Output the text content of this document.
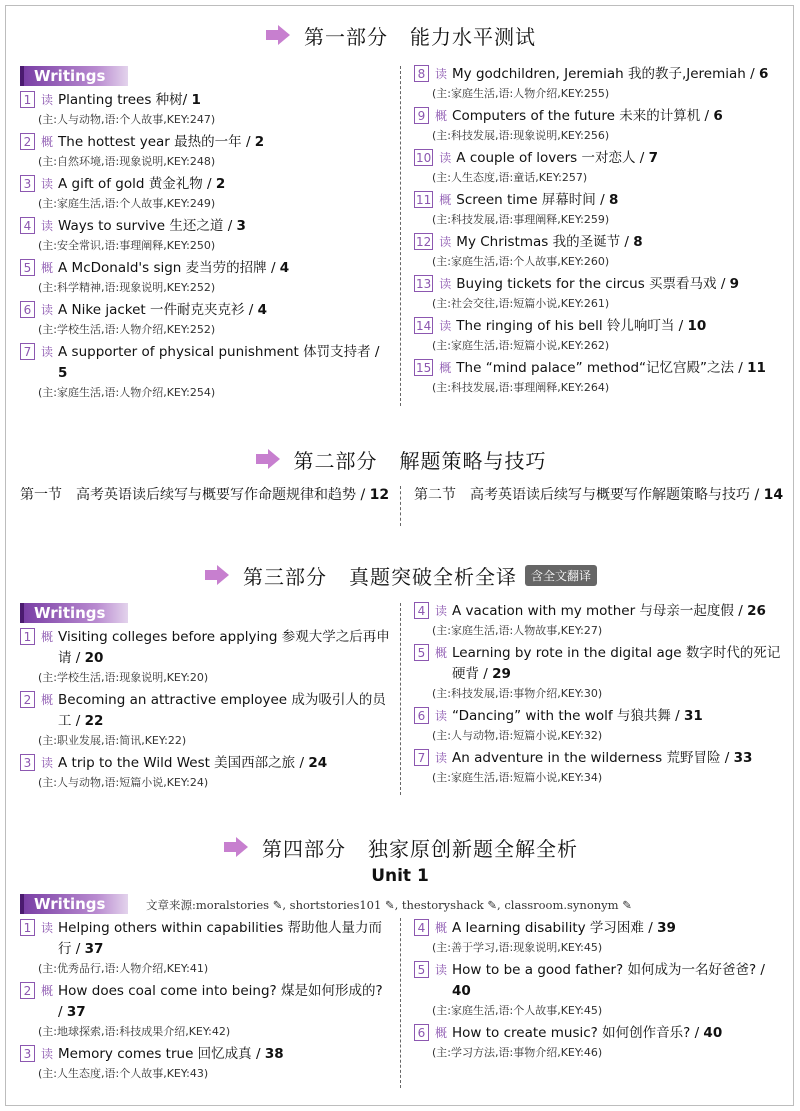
第一部分 能力水平测试
Writings
1 读 Planting trees 种树/ 1
(主:人与动物,语:个人故事,KEY:247)
2 概 The hottest year 最热的一年 / 2
(主:自然环境,语:现象说明,KEY:248)
3 读 A gift of gold 黄金礼物 / 2
(主:家庭生活,语:个人故事,KEY:249)
4 读 Ways to survive 生还之道 / 3
(主:安全常识,语:事理阐释,KEY:250)
5 概 A McDonald's sign 麦当劳的招牌 / 4
(主:科学精神,语:现象说明,KEY:252)
6 读 A Nike jacket 一件耐克夹克衫 / 4
(主:学校生活,语:人物介绍,KEY:252)
7 读 A supporter of physical punishment 体罚支持者 / 5
(主:家庭生活,语:人物介绍,KEY:254)
8 读 My godchildren, Jeremiah 我的教子,Jeremiah / 6
(主:家庭生活,语:人物介绍,KEY:255)
9 概 Computers of the future 未来的计算机 / 6
(主:科技发展,语:现象说明,KEY:256)
10 读 A couple of lovers 一对恋人 / 7
(主:人生态度,语:童话,KEY:257)
11 概 Screen time 屏幕时间 / 8
(主:科技发展,语:事理阐释,KEY:259)
12 读 My Christmas 我的圣诞节 / 8
(主:家庭生活,语:个人故事,KEY:260)
13 读 Buying tickets for the circus 买票看马戏 / 9
(主:社会交往,语:短篇小说,KEY:261)
14 读 The ringing of his bell 铃儿响叮当 / 10
(主:家庭生活,语:短篇小说,KEY:262)
15 概 The “mind palace” method“记忆宫殿”之法 / 11
(主:科技发展,语:事理阐释,KEY:264)
第二部分 解题策略与技巧
第一节　高考英语读后续写与概要写作命题规律和趋势 / 12 第二节　高考英语读后续写与概要写作解题策略与技巧 / 14
第三部分 真题突破全析全译	含全文翻译
Writings
1 概 Visiting colleges before applying 参观大学之后再申请 / 20
(主:学校生活,语:现象说明,KEY:20)
2 概 Becoming an attractive employee 成为吸引人的员工 / 22
(主:职业发展,语:简讯,KEY:22)
3 读 A trip to the Wild West 美国西部之旅 / 24
(主:人与动物,语:短篇小说,KEY:24)
4 读 A vacation with my mother 与母亲一起度假 / 26
(主:家庭生活,语:人物故事,KEY:27)
5 概 Learning by rote in the digital age 数字时代的死记硬背 / 29
(主:科技发展,语:事物介绍,KEY:30)
6 读 “Dancing” with the wolf 与狼共舞 / 31
(主:人与动物,语:短篇小说,KEY:32)
7 读 An adventure in the wilderness 荒野冒险 / 33
(主:家庭生活,语:短篇小说,KEY:34)
第四部分 独家原创新题全解全析
Unit 1
Writings	文章来源:moralstories ✎, shortstories101 ✎, thestoryshack ✎, classroom.synonym ✎
1 读 Helping others within capabilities 帮助他人量力而行 / 37
(主:优秀品行,语:人物介绍,KEY:41)
2 概 How does coal come into being? 煤是如何形成的? / 37
(主:地球探索,语:科技成果介绍,KEY:42)
3 读 Memory comes true 回忆成真 / 38
(主:人生态度,语:个人故事,KEY:43)
4 概 A learning disability 学习困难 / 39
(主:善于学习,语:现象说明,KEY:45)
5 读 How to be a good father? 如何成为一名好爸爸? / 40
(主:家庭生活,语:个人故事,KEY:45)
6 概 How to create music? 如何创作音乐? / 40
(主:学习方法,语:事物介绍,KEY:46)
